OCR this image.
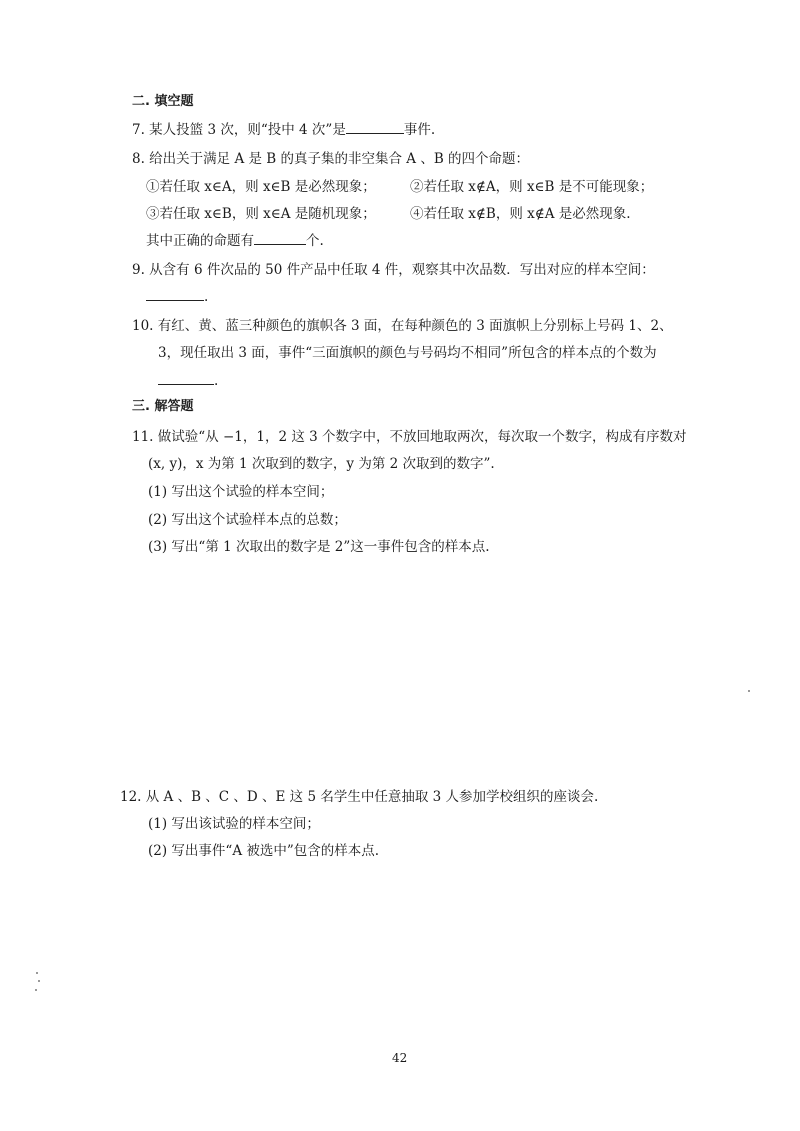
二. 填空题
7. 某人投篮 3 次，则“投中 4 次”是	事件.
8. 给出关于满足 A 是 B 的真子集的非空集合 A 、B 的四个命题：
①若任取 x∈A，则 x∈B 是必然现象；	②若任取 x∉A，则 x∈B 是不可能现象；
③若任取 x∈B，则 x∈A 是随机现象；	④若任取 x∉B，则 x∉A 是必然现象.
其中正确的命题有	个.
9. 从含有 6 件次品的 50 件产品中任取 4 件，观察其中次品数．写出对应的样本空间：
.
10. 有红、黄、蓝三种颜色的旗帜各 3 面，在每种颜色的 3 面旗帜上分别标上号码 1、2、
3，现任取出 3 面，事件“三面旗帜的颜色与号码均不相同”所包含的样本点的个数为
.
三. 解答题
11. 做试验“从 −1，1，2 这 3 个数字中，不放回地取两次，每次取一个数字，构成有序数对
(x, y)，x 为第 1 次取到的数字，y 为第 2 次取到的数字”.
(1) 写出这个试验的样本空间；
(2) 写出这个试验样本点的总数；
(3) 写出“第 1 次取出的数字是 2”这一事件包含的样本点.
12. 从 A 、B 、C 、D 、E 这 5 名学生中任意抽取 3 人参加学校组织的座谈会.
(1) 写出该试验的样本空间；
(2) 写出事件“A 被选中”包含的样本点.
42
